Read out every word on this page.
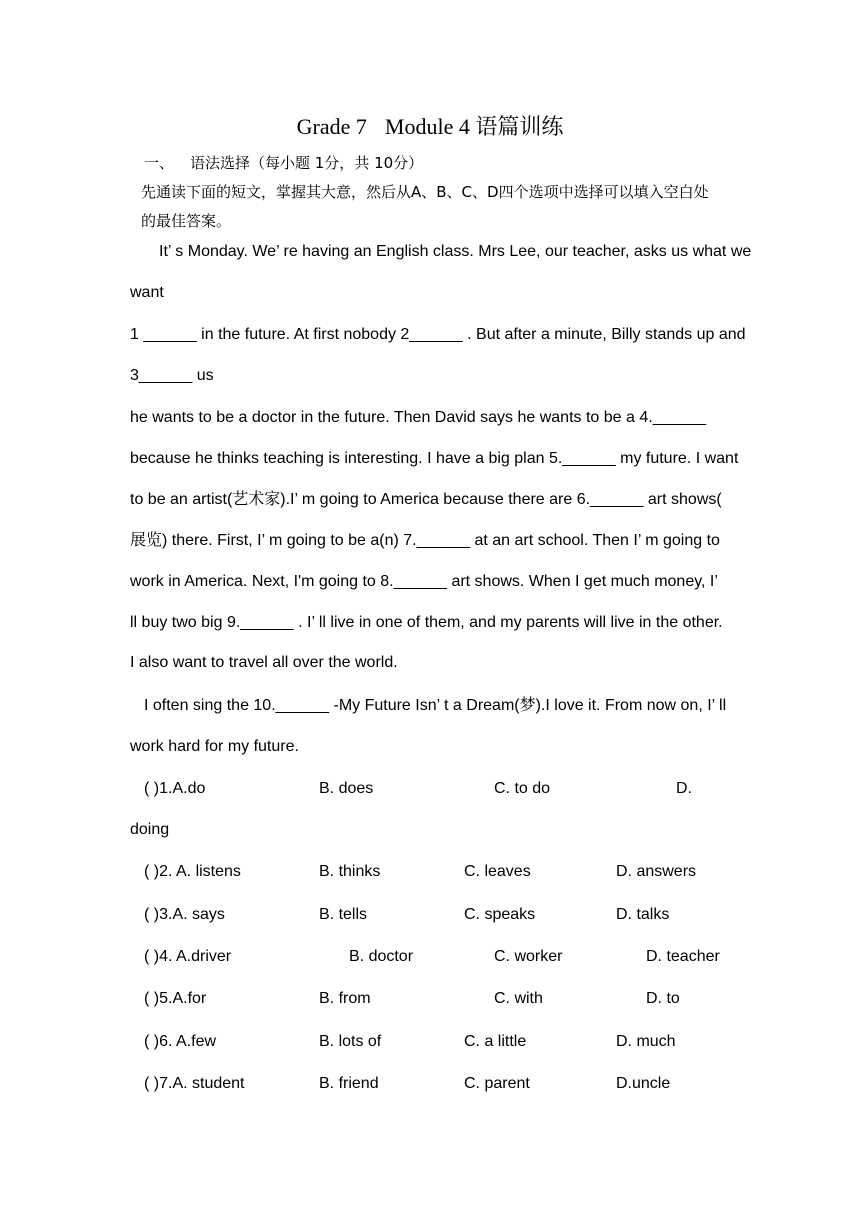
Grade 7 Module 4 语篇训练
一、 语法选择（每小题 1分，共 10分）
先通读下面的短文，掌握其大意，然后从A、B、C、D四个选项中选择可以填入空白处
的最佳答案。
It’ s Monday. We’ re having an English class. Mrs Lee, our teacher, asks us what we
want
1 ______ in the future. At first nobody 2______ . But after a minute, Billy stands up and
3______ us
he wants to be a doctor in the future. Then David says he wants to be a 4.______
because he thinks teaching is interesting. I have a big plan 5.______ my future. I want
to be an artist(艺术家).I’ m going to America because there are 6.______ art shows(
展览) there. First, I’ m going to be a(n) 7.______ at an art school. Then I’ m going to
work in America. Next, I'm going to 8.______ art shows. When I get much money, I’
ll buy two big 9.______ . I’ ll live in one of them, and my parents will live in the other.
I also want to travel all over the world.
I often sing the 10.______ -My Future Isn’ t a Dream(梦).I love it. From now on, I’ ll
work hard for my future.
( )1.A.do	B. does	C. to do	D.
doing
( )2. A. listens	B. thinks	C. leaves	D. answers
( )3.A. says	B. tells	C. speaks	D. talks
( )4. A.driver	B. doctor	C. worker	D. teacher
( )5.A.for	B. from	C. with	D. to
( )6. A.few	B. lots of	C. a little	D. much
( )7.A. student	B. friend	C. parent	D.uncle
